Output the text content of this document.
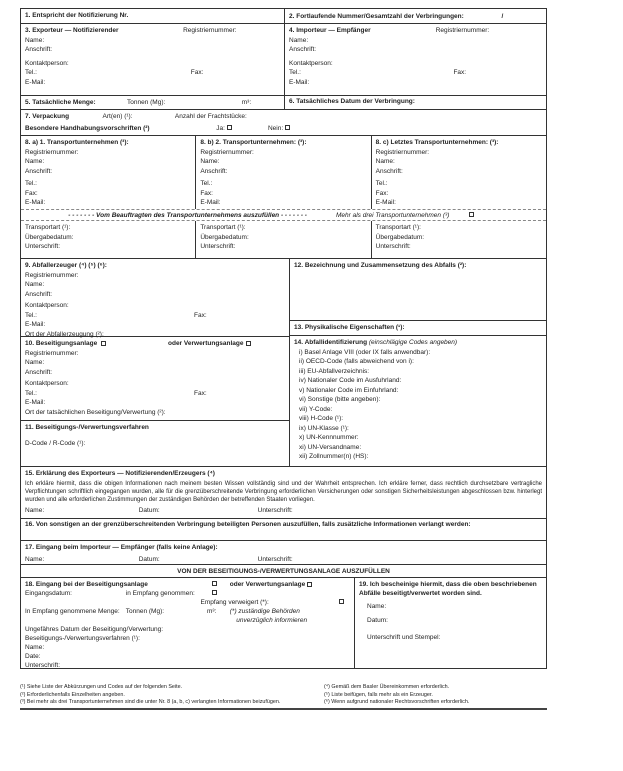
1. Entspricht der Notifizierung Nr.	2. Fortlaufende Nummer/Gesamtzahl der Verbringungen:	/
3. Exporteur — Notifizierender	Registriernummer:
Name:
Anschrift:
Kontaktperson:
Tel.:	Fax:
E-Mail:
4. Importeur — Empfänger	Registriernummer:
Name:
Anschrift:
Kontaktperson:
Tel.:	Fax:
E-Mail:
5. Tatsächliche Menge:	Tonnen (Mg):	m³:	6. Tatsächliches Datum der Verbringung:
7. Verpackung	Art(en) (¹):	Anzahl der Frachtstücke:
Besondere Handhabungsvorschriften (²)	Ja:	Nein:
8. a) 1. Transportunternehmen (³):
Registriernummer:
Name:
Anschrift:
Tel.:
Fax:
E-Mail:
8. b) 2. Transportunternehmen: (³):
Registriernummer:
Name:
Anschrift:
Tel.:
Fax:
E-Mail:
8. c) Letztes Transportunternehmen: (³):
Registriernummer:
Name:
Anschrift:
Tel.:
Fax:
E-Mail:
- - - - - - - Vom Beauftragten des Transportunternehmens auszufüllen - - - - - - -	Mehr als drei Transportunternehmen (³)
Transportart (¹):
Übergabedatum:
Unterschrift:
Transportart (¹):
Übergabedatum:
Unterschrift:
Transportart (¹):
Übergabedatum:
Unterschrift:
9. Abfallerzeuger (⁴) (⁵) (⁶):
Registriernummer:
Name:
Anschrift:
Kontaktperson:
Tel.:	Fax:
E-Mail:
Ort der Abfallerzeugung (²):
10. Beseitigungsanlage	oder Verwertungsanlage
Registriernummer:
Name:
Anschrift:
Kontaktperson:
Tel.:	Fax:
E-Mail:
Ort der tatsächlichen Beseitigung/Verwertung (²):
11. Beseitigungs-/Verwertungsverfahren
D-Code / R-Code (¹):
12. Bezeichnung und Zusammensetzung des Abfalls (²):
13. Physikalische Eigenschaften (¹):
14. Abfallidentifizierung (einschlägige Codes angeben)
i) Basel Anlage VIII (oder IX falls anwendbar):
ii) OECD-Code (falls abweichend von i):
iii) EU-Abfallverzeichnis:
iv) Nationaler Code im Ausfuhrland:
v) Nationaler Code im Einfuhrland:
vi) Sonstige (bitte angeben):
vii) Y-Code:
viii) H-Code (¹):
ix) UN-Klasse (¹):
x) UN-Kennnummer:
xi) UN-Versandname:
xii) Zollnummer(n) (HS):
15. Erklärung des Exporteurs — Notifizierenden/Erzeugers (⁴)
Ich erkläre hiermit, dass die obigen Informationen nach meinem besten Wissen vollständig sind und der Wahrheit entsprechen. Ich erkläre ferner, dass rechtlich durchsetzbare vertragliche Verpflichtungen schriftlich eingegangen wurden, alle für die grenzüberschreitende Verbringung erforderlichen Versicherungen oder sonstigen Sicherheitsleistungen abgeschlossen bzw. hinterlegt wurden und alle erforderlichen Zustimmungen der zuständigen Behörden der betreffenden Staaten vorliegen.
Name:	Datum:	Unterschrift:
16. Von sonstigen an der grenzüberschreitenden Verbringung beteiligten Personen auszufüllen, falls zusätzliche Informationen verlangt werden:
17. Eingang beim Importeur — Empfänger (falls keine Anlage):
Name:	Datum:	Unterschrift:
VON DER BESEITIGUNGS-/VERWERTUNGSANLAGE AUSZUFÜLLEN
18. Eingang bei der Beseitigungsanlage	oder Verwertungsanlage
Eingangsdatum:	in Empfang genommen:
Empfang verweigert (*):
In Empfang genommene Menge: Tonnen (Mg):	m³: (*) zuständige Behörden
unverzüglich informieren
Ungefähres Datum der Beseitigung/Verwertung:
Beseitigungs-/Verwertungsverfahren (¹):
Name:
Date:
Unterschrift:
19. Ich bescheinige hiermit, dass die oben beschriebenen Abfälle beseitigt/verwertet worden sind.
Name:
Datum:
Unterschrift und Stempel:
(¹) Siehe Liste der Abkürzungen und Codes auf der folgenden Seite.
(²) Erforderlichenfalls Einzelheiten angeben.
(³) Bei mehr als drei Transportunternehmen sind die unter Nr. 8 (a, b, c) verlangten Informationen beizufügen.
(⁴) Gemäß dem Basler Übereinkommen erforderlich.
(⁵) Liste beifügen, falls mehr als ein Erzeuger.
(⁶) Wenn aufgrund nationaler Rechtsvorschriften erforderlich.
